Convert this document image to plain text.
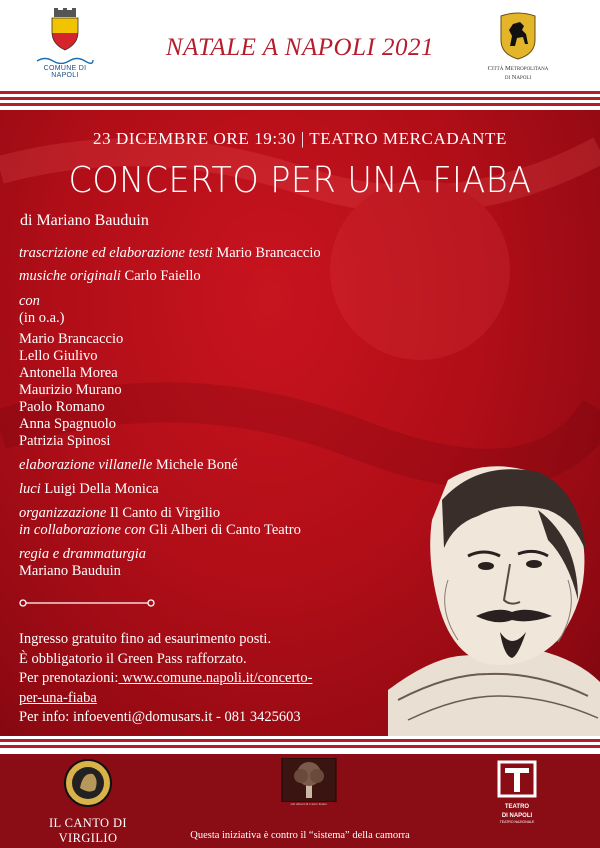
COMUNE DI NAPOLI
NATALE A NAPOLI 2021
Città Metropolitana
di Napoli
23 DICEMBRE ORE 19:30 | TEATRO MERCADANTE
CONCERTO PER UNA FIABA
di Mariano Bauduin
trascrizione ed elaborazione testi Mario Brancaccio
musiche originali Carlo Faiello
con
(in o.a.)
Mario Brancaccio
Lello Giulivo
Antonella Morea
Maurizio Murano
Paolo Romano
Anna Spagnuolo
Patrizia Spinosi
elaborazione villanelle Michele Boné
luci Luigi Della Monica
organizzazione Il Canto di Virgilio
in collaborazione con Gli Alberi di Canto Teatro
regia e drammaturgia
Mariano Bauduin
Ingresso gratuito fino ad esaurimento posti.
È obbligatorio il Green Pass rafforzato.
Per prenotazioni: www.comune.napoli.it/concerto-
per-una-fiaba
Per info: infoeventi@domusars.it - 081 3425603
IL CANTO DI VIRGILIO
Gli Alberi di Canto Teatro	TEATRO
DI NAPOLI
TEATRO NAZIONALE
Questa iniziativa è contro il “sistema” della camorra
